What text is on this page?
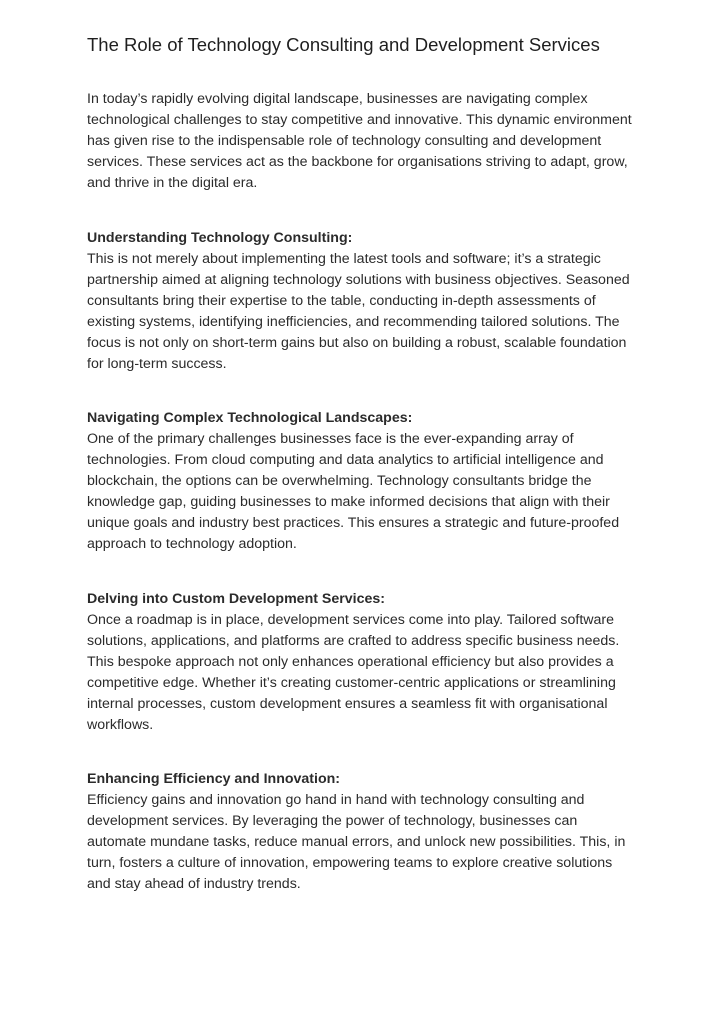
The Role of Technology Consulting and Development Services

In today’s rapidly evolving digital landscape, businesses are navigating complex technological challenges to stay competitive and innovative. This dynamic environment has given rise to the indispensable role of technology consulting and development services. These services act as the backbone for organisations striving to adapt, grow, and thrive in the digital era.

Understanding Technology Consulting:

This is not merely about implementing the latest tools and software; it’s a strategic partnership aimed at aligning technology solutions with business objectives. Seasoned consultants bring their expertise to the table, conducting in-depth assessments of existing systems, identifying inefficiencies, and recommending tailored solutions. The focus is not only on short-term gains but also on building a robust, scalable foundation for long-term success.

Navigating Complex Technological Landscapes:

One of the primary challenges businesses face is the ever-expanding array of technologies. From cloud computing and data analytics to artificial intelligence and blockchain, the options can be overwhelming. Technology consultants bridge the knowledge gap, guiding businesses to make informed decisions that align with their unique goals and industry best practices. This ensures a strategic and future-proofed approach to technology adoption.

Delving into Custom Development Services:

Once a roadmap is in place, development services come into play. Tailored software solutions, applications, and platforms are crafted to address specific business needs. This bespoke approach not only enhances operational efficiency but also provides a competitive edge. Whether it’s creating customer-centric applications or streamlining internal processes, custom development ensures a seamless fit with organisational workflows.

Enhancing Efficiency and Innovation:

Efficiency gains and innovation go hand in hand with technology consulting and development services. By leveraging the power of technology, businesses can automate mundane tasks, reduce manual errors, and unlock new possibilities. This, in turn, fosters a culture of innovation, empowering teams to explore creative solutions and stay ahead of industry trends.
